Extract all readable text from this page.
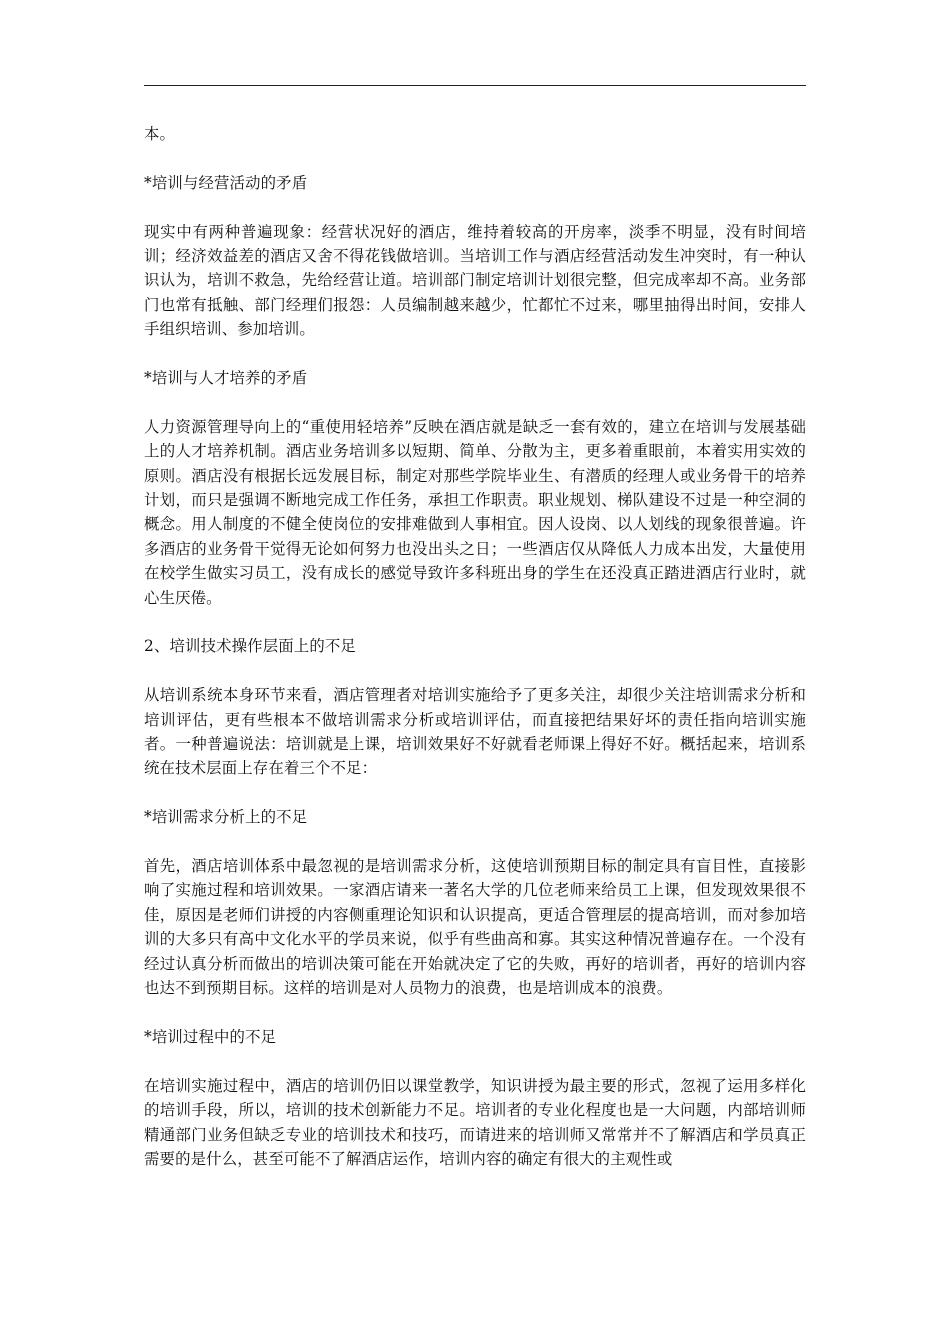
本。

*培训与经营活动的矛盾

现实中有两种普遍现象：经营状况好的酒店，维持着较高的开房率，淡季不明显，没有时间培训；经济效益差的酒店又舍不得花钱做培训。当培训工作与酒店经营活动发生冲突时，有一种认识认为，培训不救急，先给经营让道。培训部门制定培训计划很完整，但完成率却不高。业务部门也常有抵触、部门经理们报怨：人员编制越来越少，忙都忙不过来，哪里抽得出时间，安排人手组织培训、参加培训。

*培训与人才培养的矛盾

人力资源管理导向上的“重使用轻培养”反映在酒店就是缺乏一套有效的，建立在培训与发展基础上的人才培养机制。酒店业务培训多以短期、简单、分散为主，更多着重眼前，本着实用实效的原则。酒店没有根据长远发展目标，制定对那些学院毕业生、有潜质的经理人或业务骨干的培养计划，而只是强调不断地完成工作任务，承担工作职责。职业规划、梯队建设不过是一种空洞的概念。用人制度的不健全使岗位的安排难做到人事相宜。因人设岗、以人划线的现象很普遍。许多酒店的业务骨干觉得无论如何努力也没出头之日；一些酒店仅从降低人力成本出发，大量使用在校学生做实习员工，没有成长的感觉导致许多科班出身的学生在还没真正踏进酒店行业时，就心生厌倦。

2、培训技术操作层面上的不足

从培训系统本身环节来看，酒店管理者对培训实施给予了更多关注，却很少关注培训需求分析和培训评估，更有些根本不做培训需求分析或培训评估，而直接把结果好坏的责任指向培训实施者。一种普遍说法：培训就是上课，培训效果好不好就看老师课上得好不好。概括起来，培训系统在技术层面上存在着三个不足：

*培训需求分析上的不足

首先，酒店培训体系中最忽视的是培训需求分析，这使培训预期目标的制定具有盲目性，直接影响了实施过程和培训效果。一家酒店请来一著名大学的几位老师来给员工上课，但发现效果很不佳，原因是老师们讲授的内容侧重理论知识和认识提高，更适合管理层的提高培训，而对参加培训的大多只有高中文化水平的学员来说，似乎有些曲高和寡。其实这种情况普遍存在。一个没有经过认真分析而做出的培训决策可能在开始就决定了它的失败，再好的培训者，再好的培训内容也达不到预期目标。这样的培训是对人员物力的浪费，也是培训成本的浪费。

*培训过程中的不足

在培训实施过程中，酒店的培训仍旧以课堂教学，知识讲授为最主要的形式，忽视了运用多样化的培训手段，所以，培训的技术创新能力不足。培训者的专业化程度也是一大问题，内部培训师精通部门业务但缺乏专业的培训技术和技巧，而请进来的培训师又常常并不了解酒店和学员真正需要的是什么，甚至可能不了解酒店运作，培训内容的确定有很大的主观性或
